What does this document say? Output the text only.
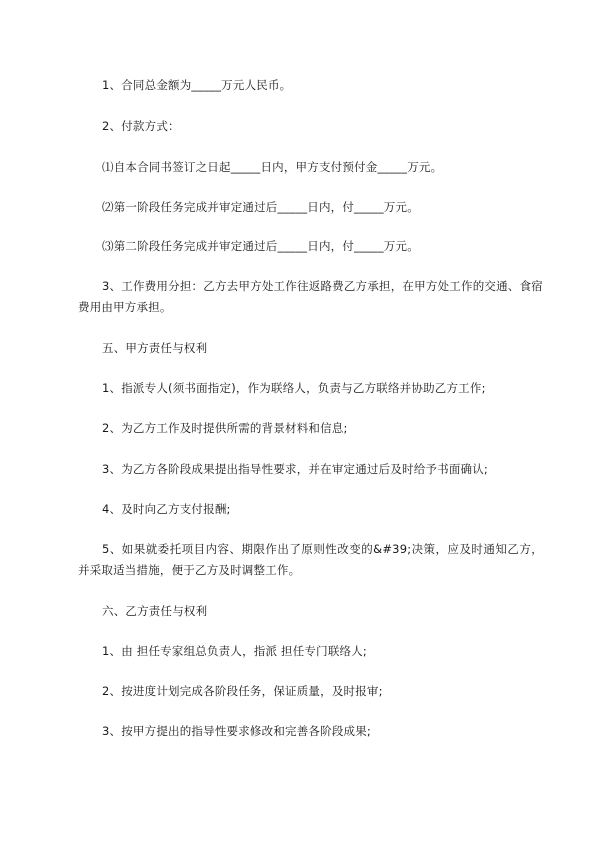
1、合同总金额为_____万元人民币。

2、付款方式：

⑴自本合同书签订之日起_____日内，甲方支付预付金_____万元。

⑵第一阶段任务完成并审定通过后_____日内，付_____万元。

⑶第二阶段任务完成并审定通过后_____日内，付_____万元。

3、工作费用分担：乙方去甲方处工作往返路费乙方承担，在甲方处工作的交通、食宿费用由甲方承担。

五、甲方责任与权利

1、指派专人(须书面指定)，作为联络人，负责与乙方联络并协助乙方工作;

2、为乙方工作及时提供所需的背景材料和信息;

3、为乙方各阶段成果提出指导性要求，并在审定通过后及时给予书面确认;

4、及时向乙方支付报酬;

5、如果就委托项目内容、期限作出了原则性改变的&#39;决策，应及时通知乙方，并采取适当措施，便于乙方及时调整工作。

六、乙方责任与权利

1、由 担任专家组总负责人，指派 担任专门联络人;

2、按进度计划完成各阶段任务，保证质量，及时报审;

3、按甲方提出的指导性要求修改和完善各阶段成果;
